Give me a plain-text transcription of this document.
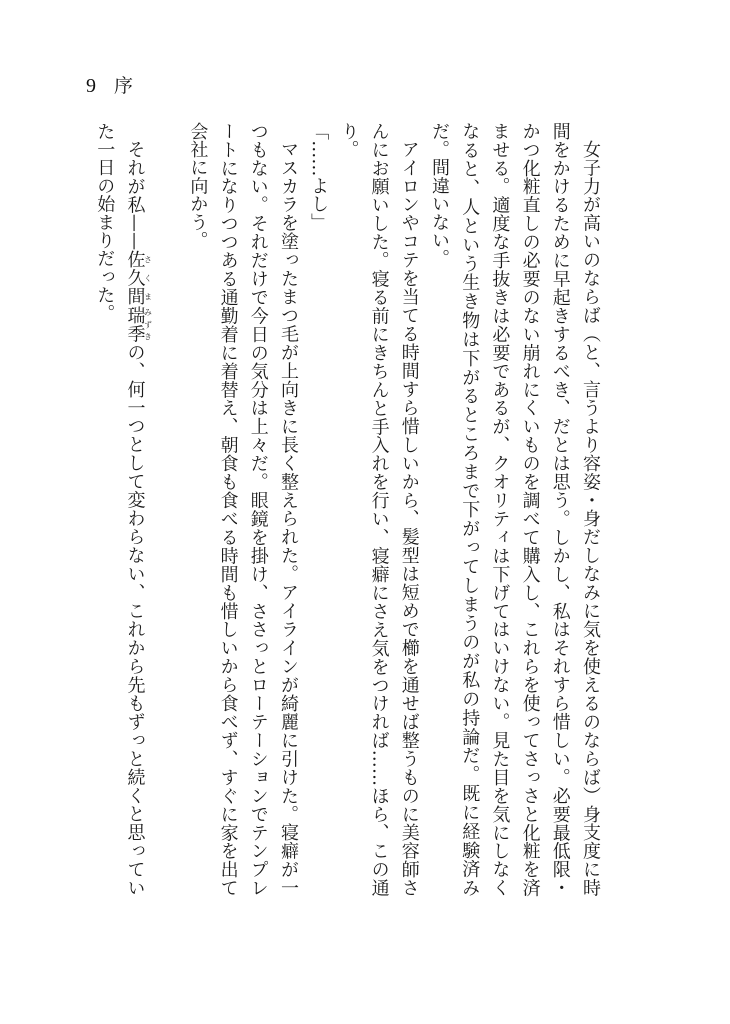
9 序

女子力が高いのならば（と、言うより容姿・身だしなみに気を使えるのならば）身支度に時間をかけるために早起きするべき、だとは思う。しかし、私はそれすら惜しい。必要最低限・かつ化粧直しの必要のない崩れにくいものを調べて購入し、これらを使ってさっさと化粧を済ませる。適度な手抜きは必要であるが、クオリティは下げてはいけない。見た目を気にしなくなると、人という生き物は下がるところまで下がってしまうのが私の持論だ。既に経験済みだ。間違いない。

アイロンやコテを当てる時間すら惜しいから、髪型は短めで櫛を通せば整うものに美容師さんにお願いした。寝る前にきちんと手入れを行い、寝癖にさえ気をつければ……ほら、この通り。

「……よし」

マスカラを塗ったまつ毛が上向きに長く整えられた。アイラインが綺麗に引けた。寝癖が一つもない。それだけで今日の気分は上々だ。眼鏡を掛け、ささっとローテーションでテンプレートになりつつある通勤着に着替え、朝食も食べる時間も惜しいから食べず、すぐに家を出て会社に向かう。

それが私——佐久間さくま瑞季みずきの、何一つとして変わらない、これから先もずっと続くと思っていた一日の始まりだった。
